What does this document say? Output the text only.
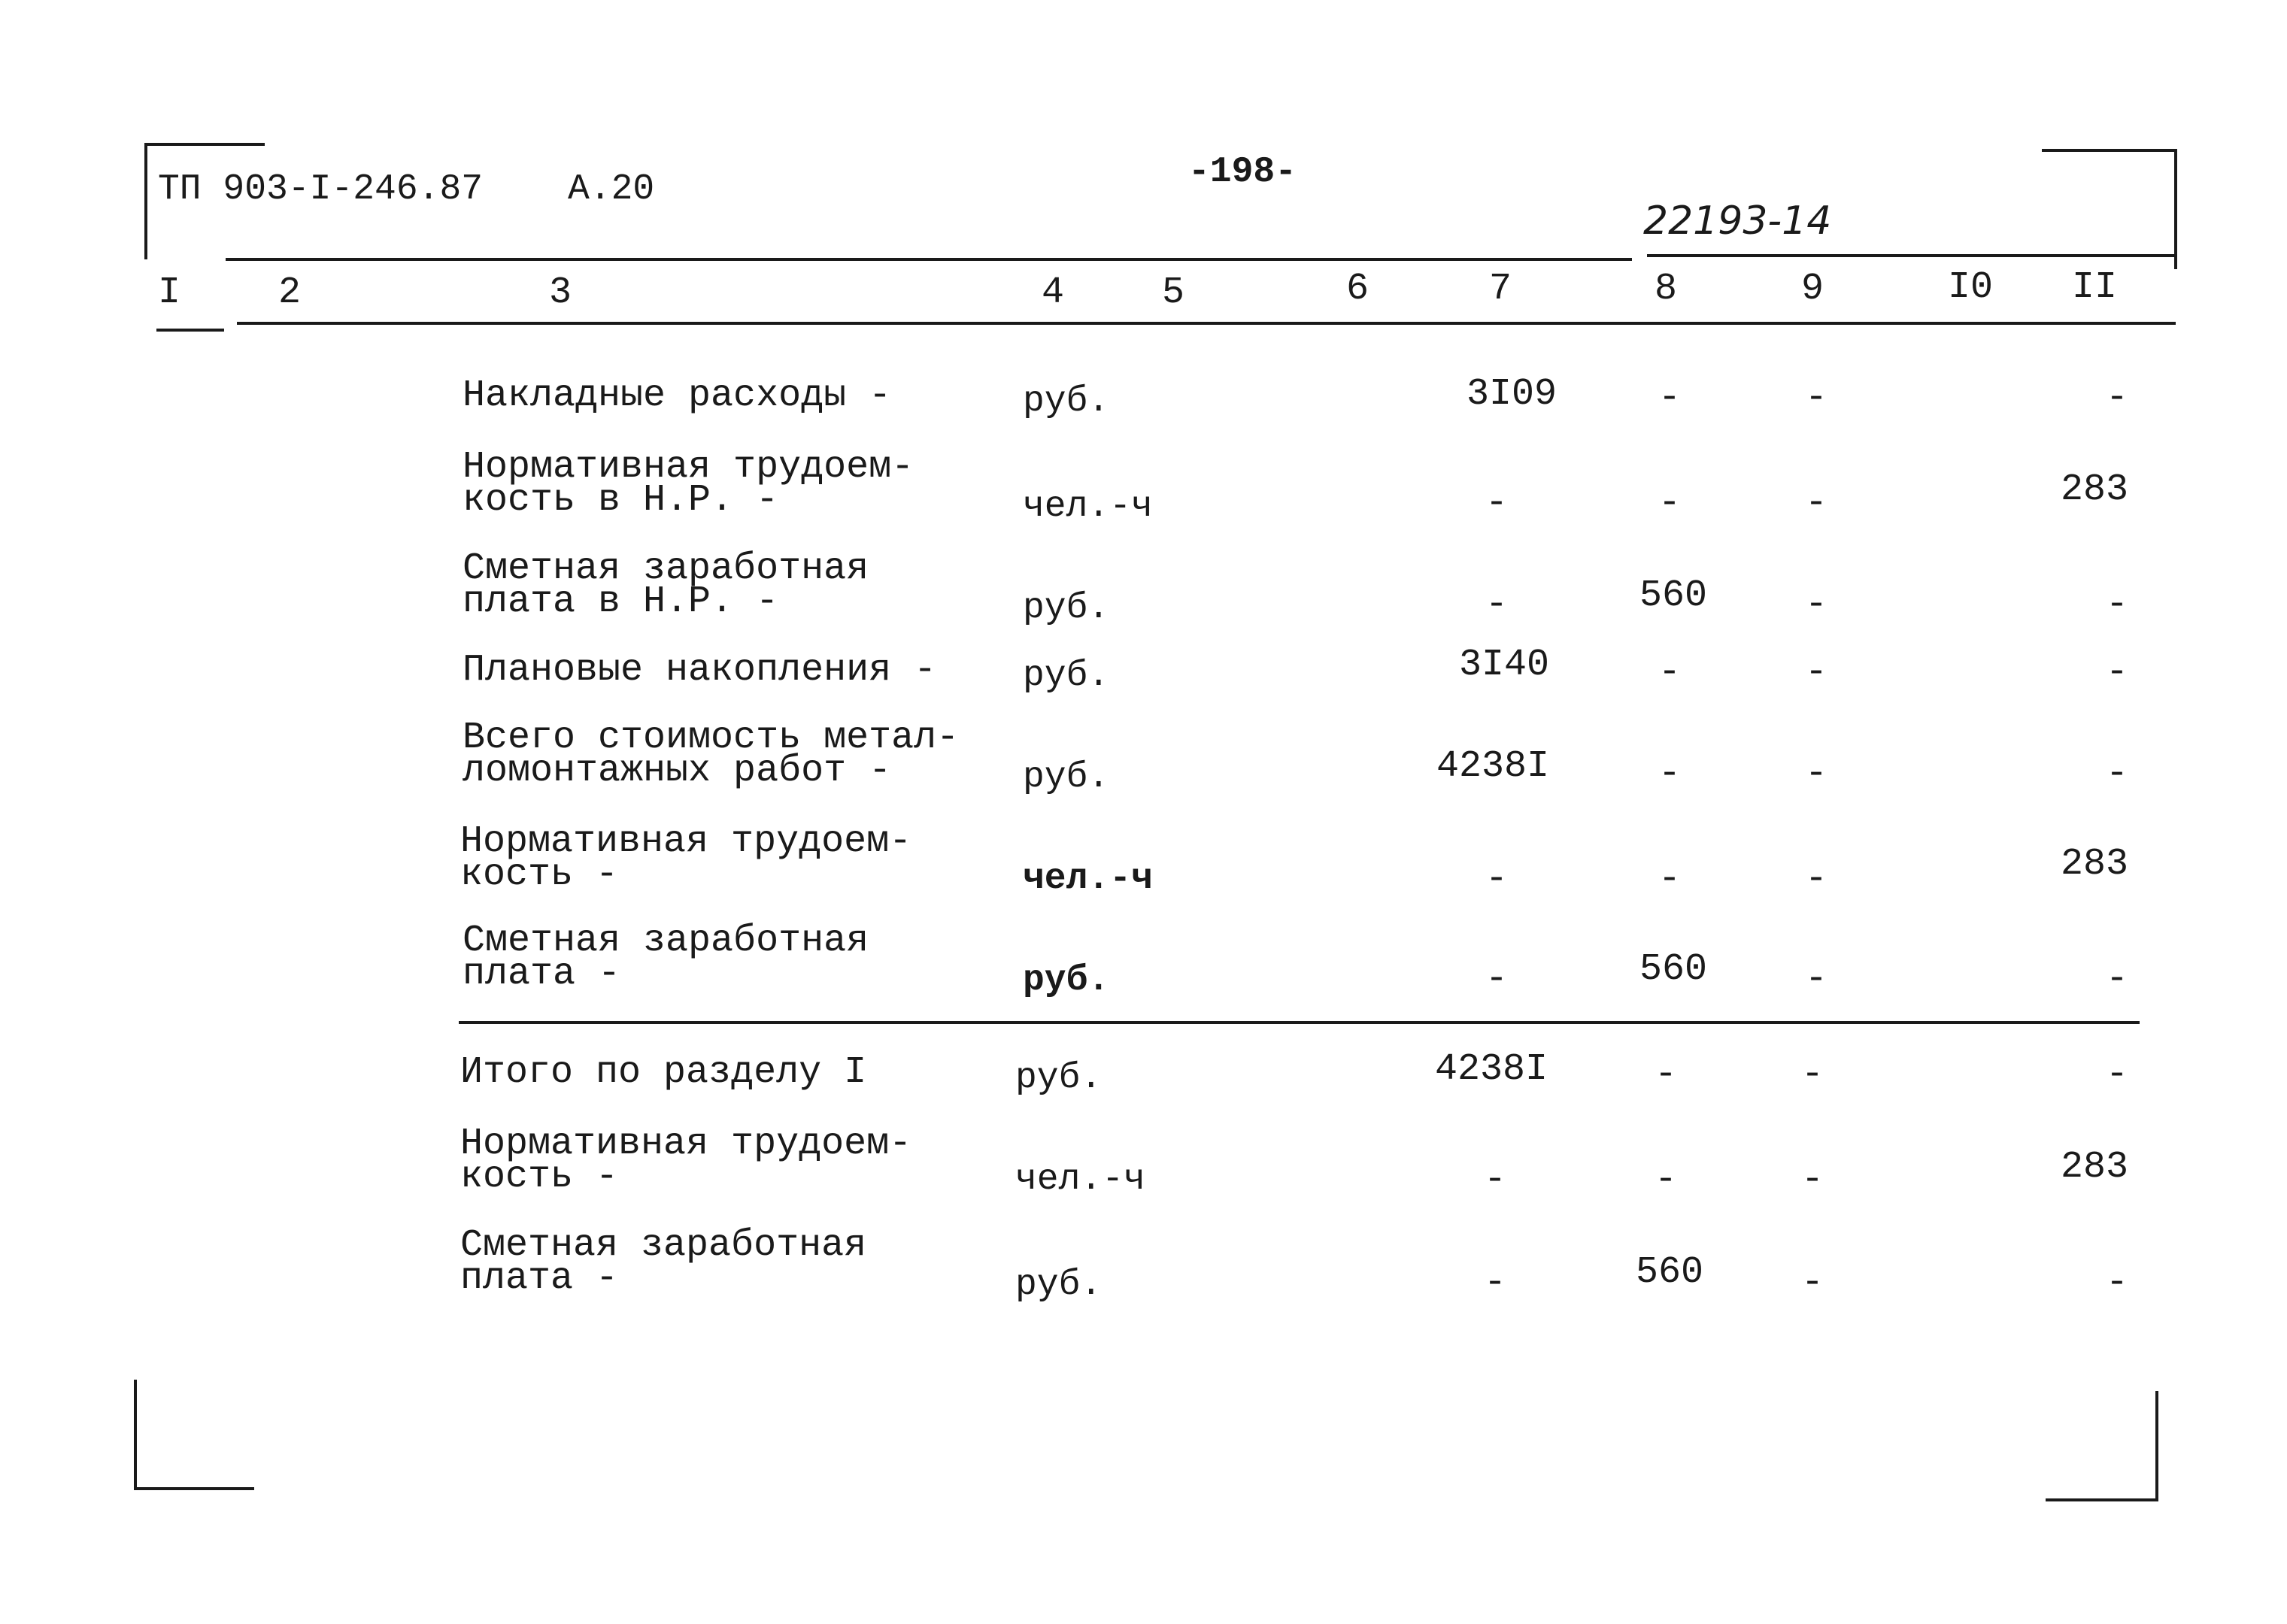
ТП 903-I-246.87 А.20	-198-
22193-14
I	2	3	4	5	6	7	8	9	I0 II
Накладные расходы -	руб.	3I09	-	-	-
Нормативная трудоем-
кость в Н.Р. -	чел.-ч	-	-	-	283
Сметная заработная
плата в Н.Р. -	руб.	-	560	-	-
Плановые накопления - руб.	3I40	-	-	-
Всего стоимость метал-
ломонтажных работ -	руб.	4238I	-	-	-
Нормативная трудоем-
кость -	чел.-ч	-	-	-	283
Сметная заработная
плата -	руб.	-	560	-	-
Итого по разделу I	руб.	4238I	-	-	-
Нормативная трудоем-
кость -	чел.-ч	-	-	-	283
Сметная заработная
плата -	руб.	-	560	-	-
